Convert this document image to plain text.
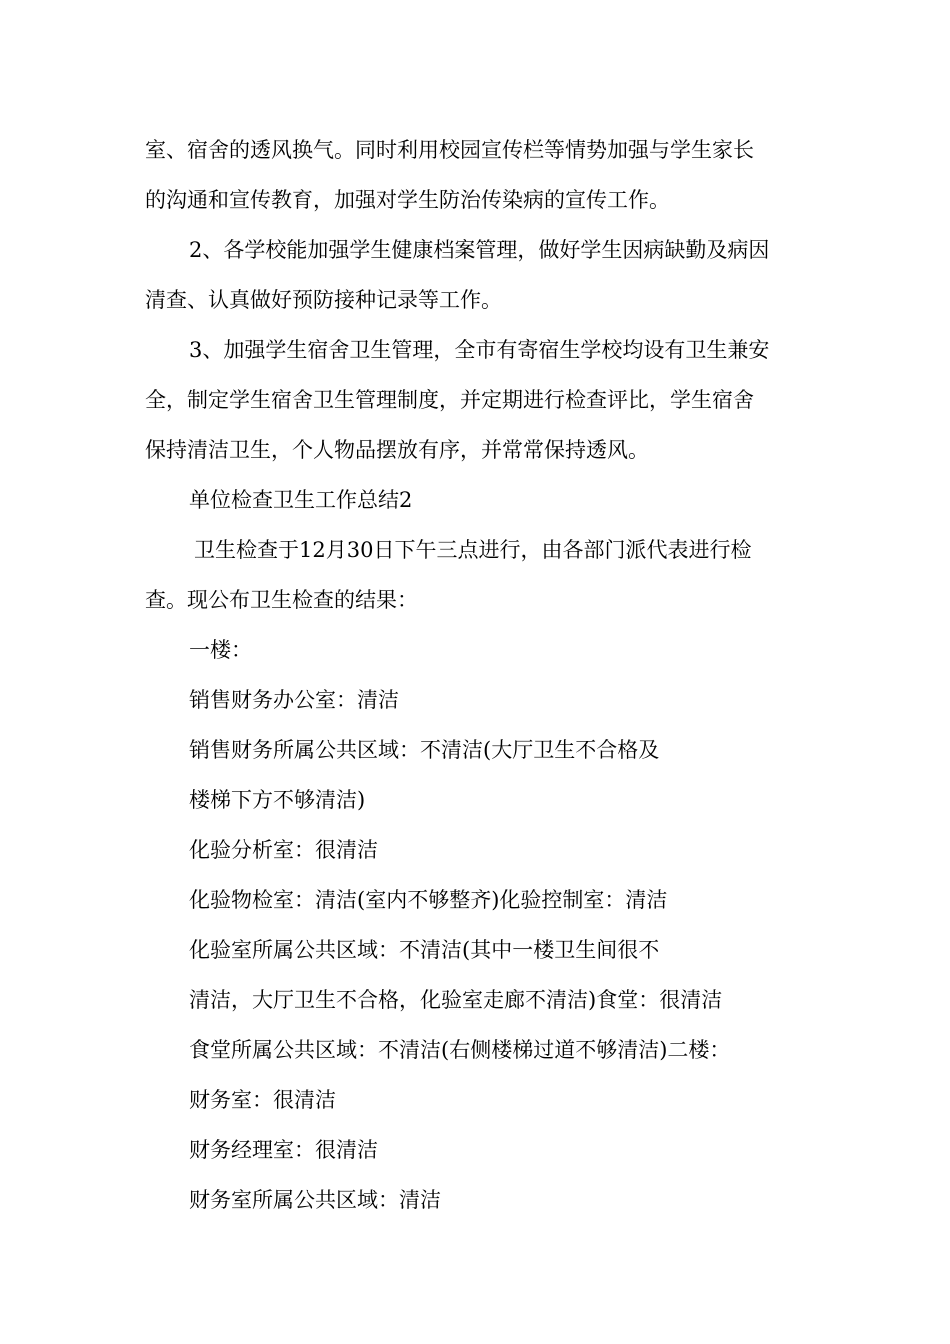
室、宿舍的透风换气。同时利用校园宣传栏等情势加强与学生家长
的沟通和宣传教育，加强对学生防治传染病的宣传工作。
2、各学校能加强学生健康档案管理，做好学生因病缺勤及病因
清查、认真做好预防接种记录等工作。
3、加强学生宿舍卫生管理，全市有寄宿生学校均设有卫生兼安
全，制定学生宿舍卫生管理制度，并定期进行检查评比，学生宿舍
保持清洁卫生，个人物品摆放有序，并常常保持透风。
单位检查卫生工作总结2
卫生检查于12月30日下午三点进行，由各部门派代表进行检
查。现公布卫生检查的结果：
一楼：
销售财务办公室：清洁
销售财务所属公共区域：不清洁(大厅卫生不合格及
楼梯下方不够清洁)
化验分析室：很清洁
化验物检室：清洁(室内不够整齐)化验控制室：清洁
化验室所属公共区域：不清洁(其中一楼卫生间很不
清洁，大厅卫生不合格，化验室走廊不清洁)食堂：很清洁
食堂所属公共区域：不清洁(右侧楼梯过道不够清洁)二楼：
财务室：很清洁
财务经理室：很清洁
财务室所属公共区域：清洁
